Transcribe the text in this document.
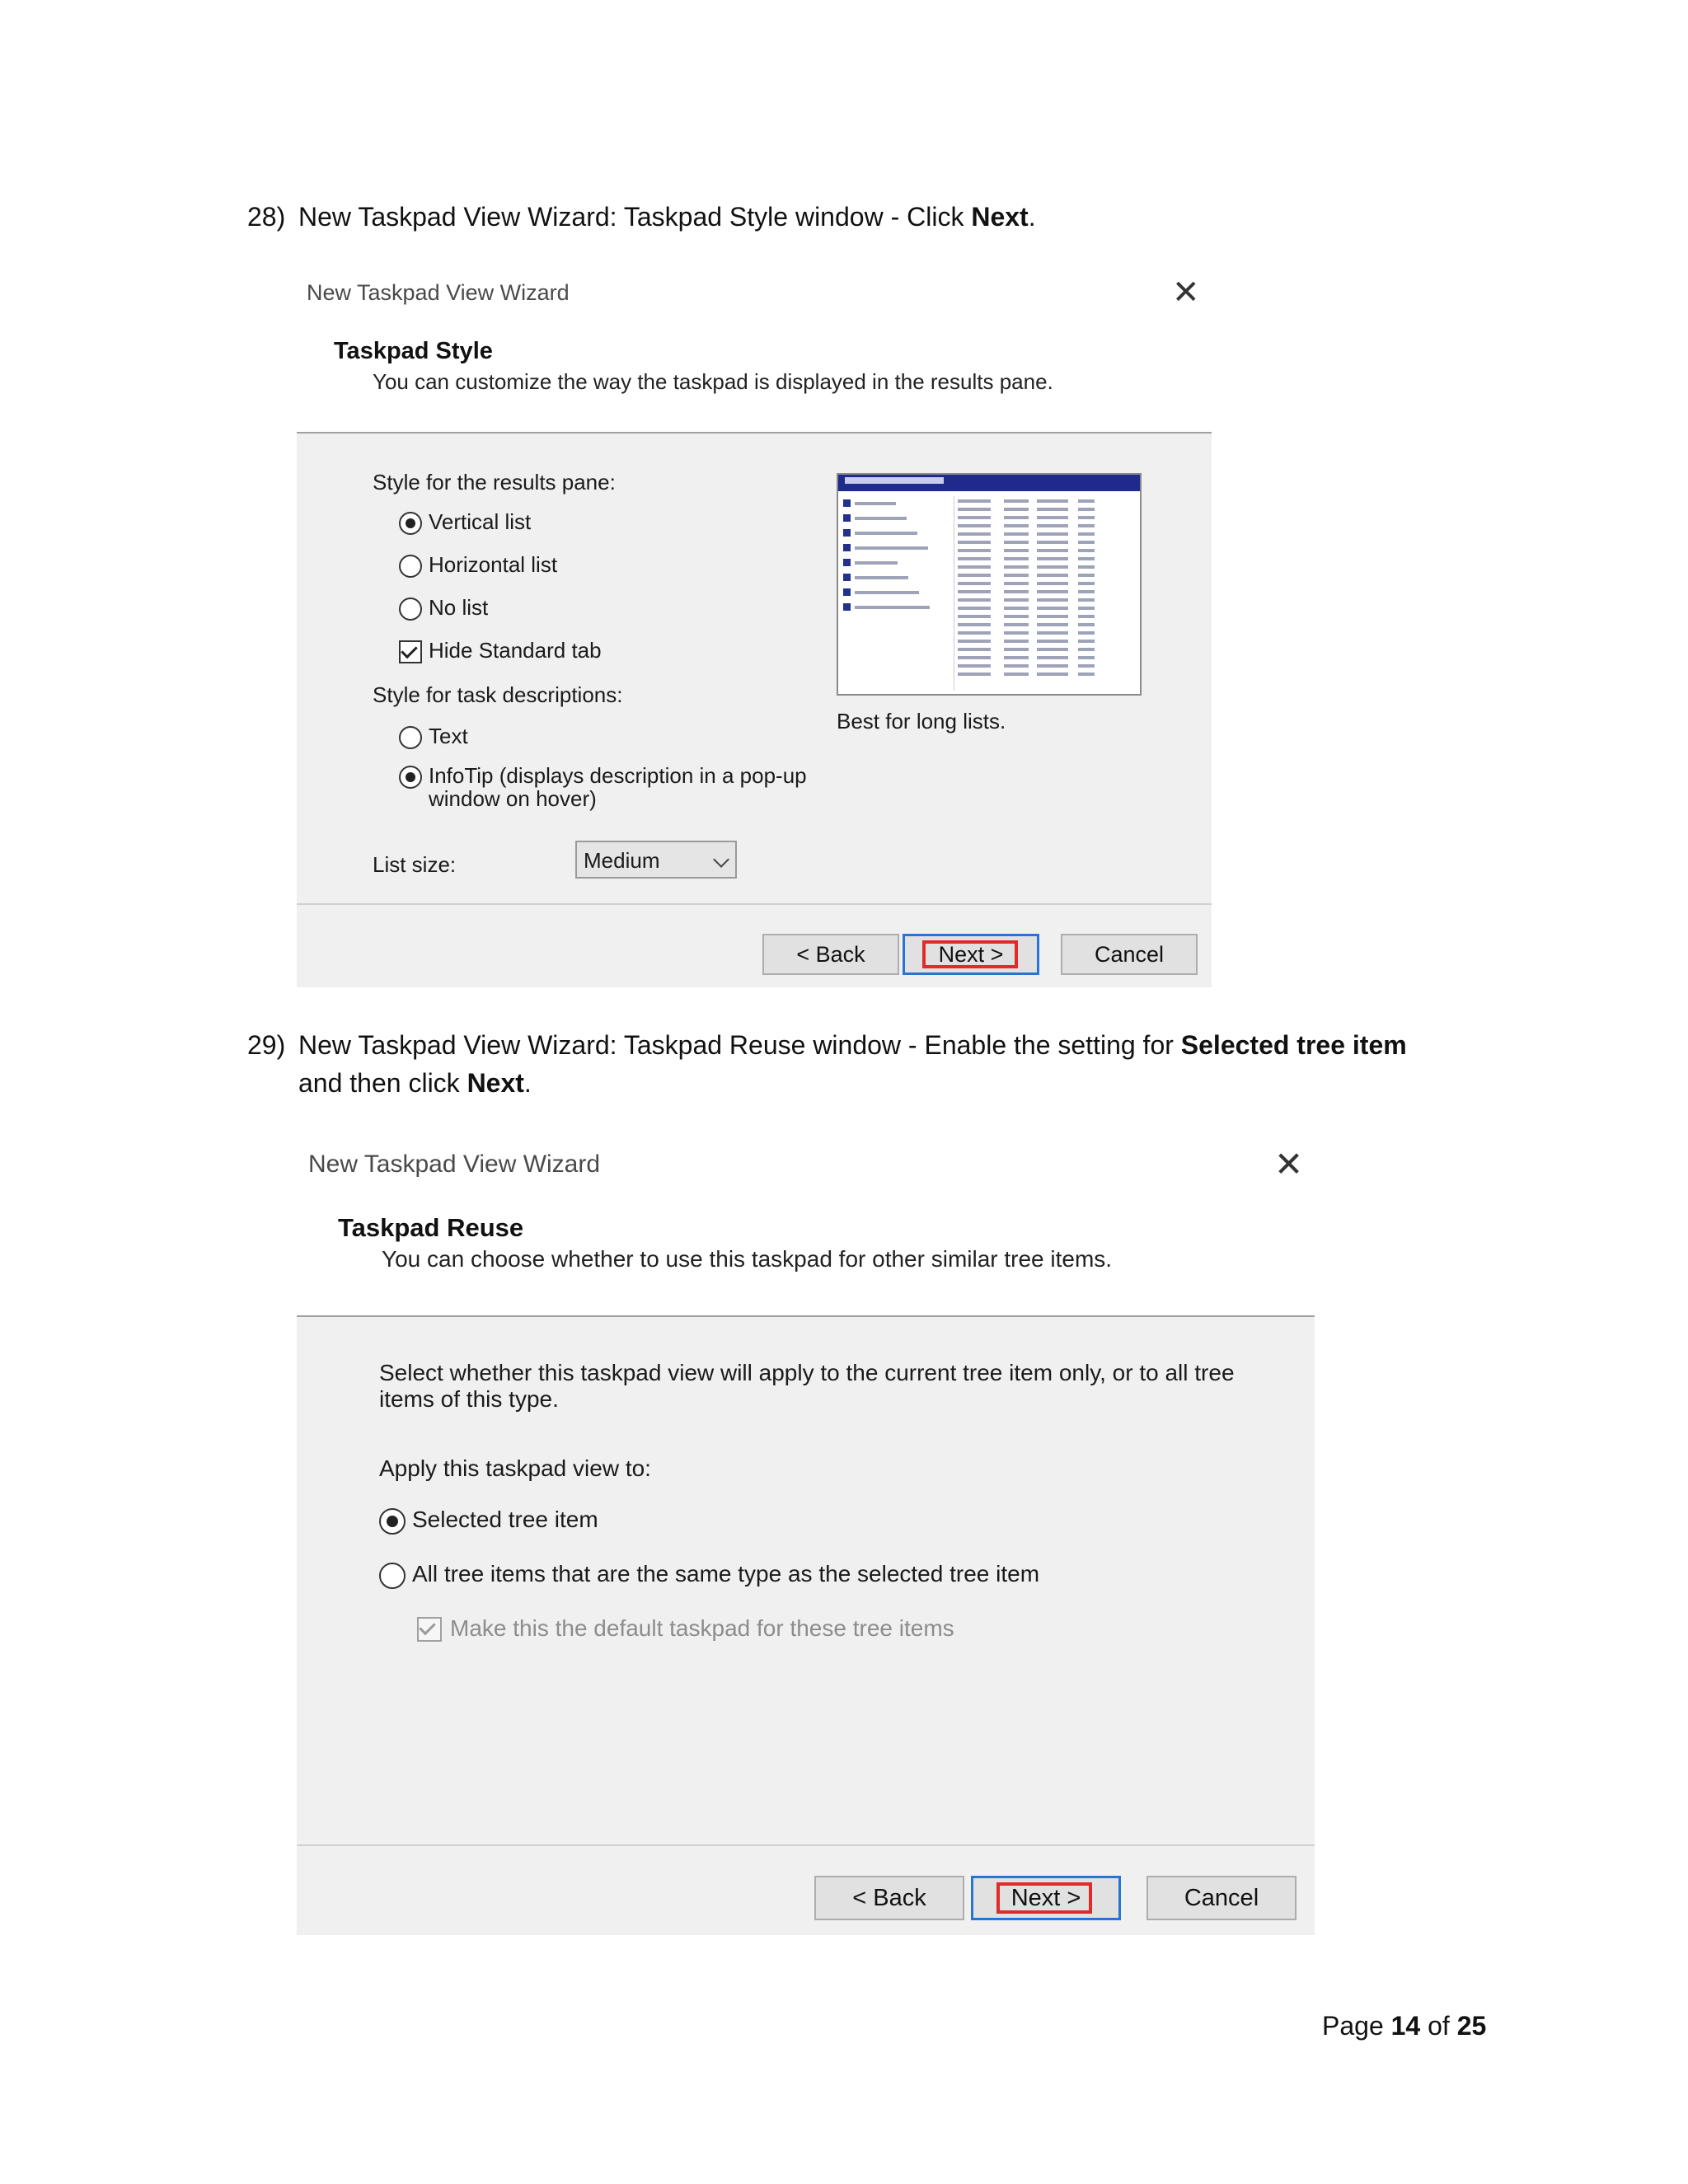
28) New Taskpad View Wizard: Taskpad Style window - Click Next.
New Taskpad View Wizard	✕
Taskpad Style
You can customize the way the taskpad is displayed in the results pane.
Style for the results pane:
Vertical list
Horizontal list
No list
Hide Standard tab
Style for task descriptions:
Text
InfoTip (displays description in a pop-up
window on hover)
List size:	Medium
Best for long lists.
< Back	Next >	Cancel
29) New Taskpad View Wizard: Taskpad Reuse window - Enable the setting for Selected tree item
and then click Next.
New Taskpad View Wizard	✕
Taskpad Reuse
You can choose whether to use this taskpad for other similar tree items.
Select whether this taskpad view will apply to the current tree item only, or to all tree
items of this type.
Apply this taskpad view to:
Selected tree item
All tree items that are the same type as the selected tree item
Make this the default taskpad for these tree items
< Back	Next >	Cancel
Page 14 of 25
